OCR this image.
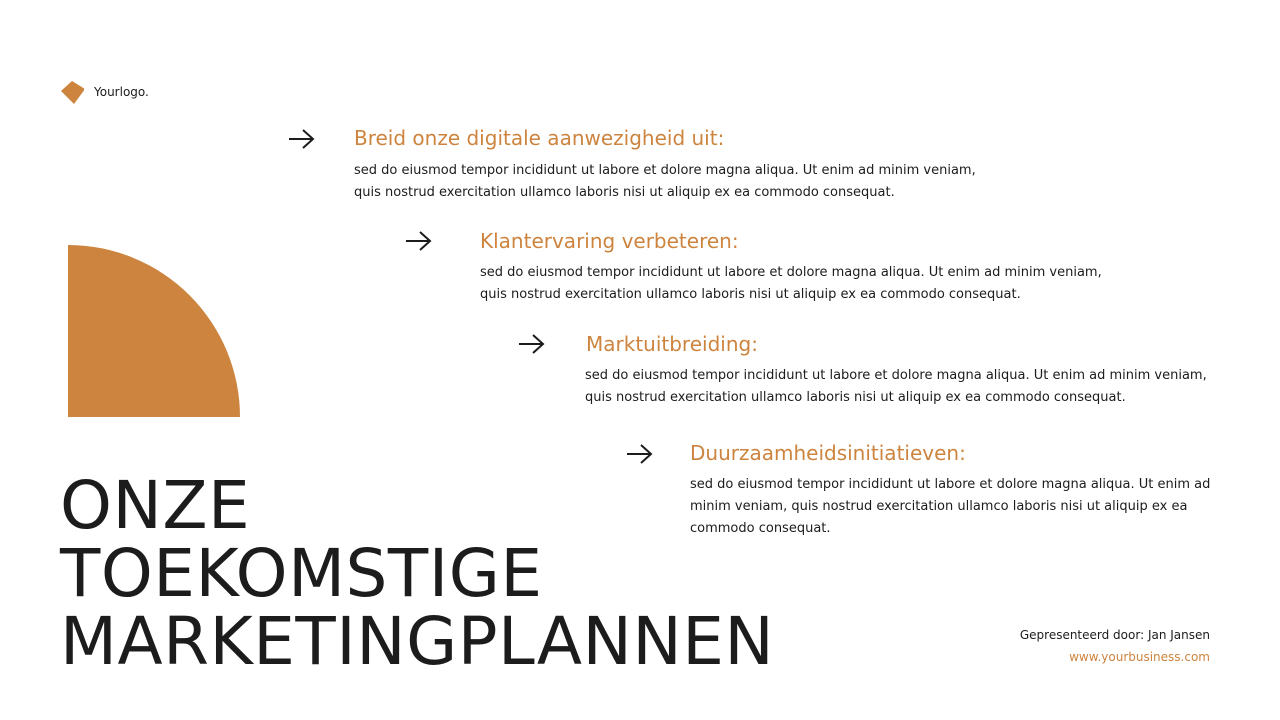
Yourlogo.
Breid onze digitale aanwezigheid uit:
sed do eiusmod tempor incididunt ut labore et dolore magna aliqua. Ut enim ad minim veniam, quis nostrud exercitation ullamco laboris nisi ut aliquip ex ea commodo consequat.
Klantervaring verbeteren:
sed do eiusmod tempor incididunt ut labore et dolore magna aliqua. Ut enim ad minim veniam, quis nostrud exercitation ullamco laboris nisi ut aliquip ex ea commodo consequat.
Marktuitbreiding:
sed do eiusmod tempor incididunt ut labore et dolore magna aliqua. Ut enim ad minim veniam, quis nostrud exercitation ullamco laboris nisi ut aliquip ex ea commodo consequat.
Duurzaamheidsinitiatieven:
sed do eiusmod tempor incididunt ut labore et dolore magna aliqua. Ut enim ad minim veniam, quis nostrud exercitation ullamco laboris nisi ut aliquip ex ea commodo consequat.
ONZE
TOEKOMSTIGE
MARKETINGPLANNEN	Gepresenteerd door: Jan Jansen
www.yourbusiness.com
